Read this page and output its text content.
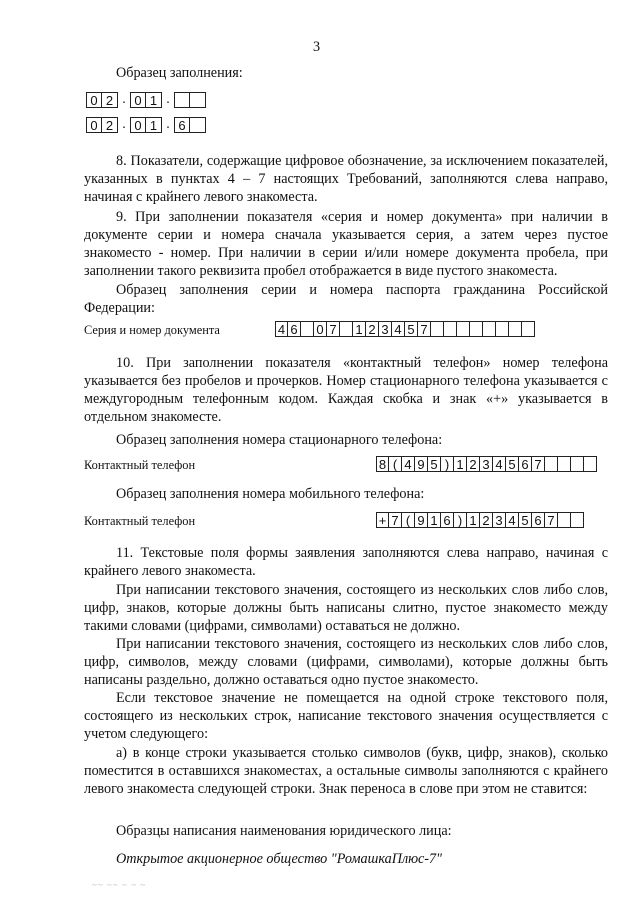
3
Образец заполнения:
0 2 . 0 1 .
0 2 . 0 1 . 6
8. Показатели, содержащие цифровое обозначение, за исключением показателей, указанных в пунктах 4 – 7 настоящих Требований, заполняются слева направо, начиная с крайнего левого знакоместа.
9. При заполнении показателя «серия и номер документа» при наличии в документе серии и номера сначала указывается серия, а затем через пустое знакоместо - номер. При наличии в серии и/или номере документа пробела, при заполнении такого реквизита пробел отображается в виде пустого знакоместа.
Образец заполнения серии и номера паспорта гражданина Российской Федерации:
Серия и номер документа	4 6 0 7 1 2 3 4 5 7
10. При заполнении показателя «контактный телефон» номер телефона указывается без пробелов и прочерков. Номер стационарного телефона указывается с междугородным телефонным кодом. Каждая скобка и знак «+» указывается в отдельном знакоместе.
Образец заполнения номера стационарного телефона:
Контактный телефон	8 ( 4 9 5 ) 1 2 3 4 5 6 7
Образец заполнения номера мобильного телефона:
Контактный телефон	+ 7 ( 9 1 6 ) 1 2 3 4 5 6 7
11. Текстовые поля формы заявления заполняются слева направо, начиная с крайнего левого знакоместа.
При написании текстового значения, состоящего из нескольких слов либо слов, цифр, знаков, которые должны быть написаны слитно, пустое знакоместо между такими словами (цифрами, символами) оставаться не должно.
При написании текстового значения, состоящего из нескольких слов либо слов, цифр, символов, между словами (цифрами, символами), которые должны быть написаны раздельно, должно оставаться одно пустое знакоместо.
Если текстовое значение не помещается на одной строке текстового поля, состоящего из нескольких строк, написание текстового значения осуществляется с учетом следующего:
а) в конце строки указывается столько символов (букв, цифр, знаков), сколько поместится в оставшихся знакоместах, а остальные символы заполняются с крайнего левого знакоместа следующей строки. Знак переноса в слове при этом не ставится:
Образцы написания наименования юридического лица:
Открытое акционерное общество "РомашкаПлюс-7"
~~ ~~ ~ ~ ~
